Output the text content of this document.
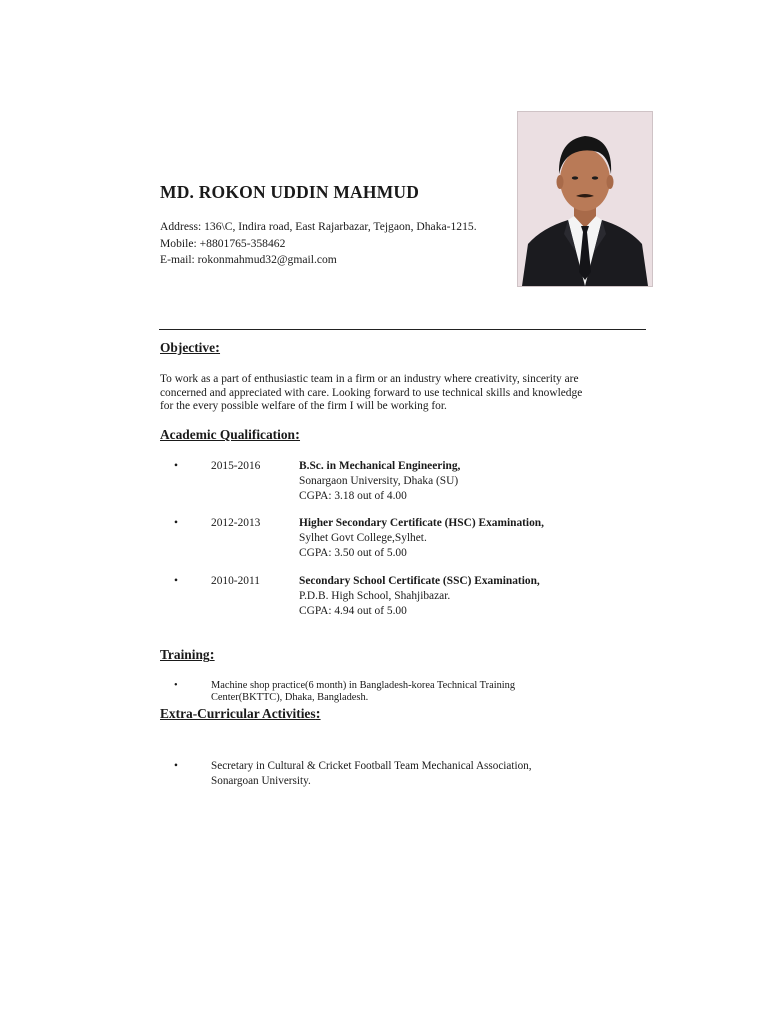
MD. ROKON UDDIN MAHMUD
Address: 136\C, Indira road, East Rajarbazar, Tejgaon, Dhaka-1215.
Mobile: +8801765-358462
E-mail: rokonmahmud32@gmail.com
Objective:
To work as a part of enthusiastic team in a firm or an industry where creativity, sincerity are
concerned and appreciated with care. Looking forward to use technical skills and knowledge
for the every possible welfare of the firm I will be working for.
Academic Qualification:
•	2015-2016	B.Sc. in Mechanical Engineering,
Sonargaon University, Dhaka (SU)
CGPA: 3.18 out of 4.00
•	2012-2013	Higher Secondary Certificate (HSC) Examination,
Sylhet Govt College,Sylhet.
CGPA: 3.50 out of 5.00
•	2010-2011	Secondary School Certificate (SSC) Examination,
P.D.B. High School, Shahjibazar.
CGPA: 4.94 out of 5.00
Training:
•	Machine shop practice(6 month) in Bangladesh-korea Technical Training
Center(BKTTC), Dhaka, Bangladesh.
Extra-Curricular Activities:
•	Secretary in Cultural & Cricket Football Team Mechanical Association,
Sonargoan University.
